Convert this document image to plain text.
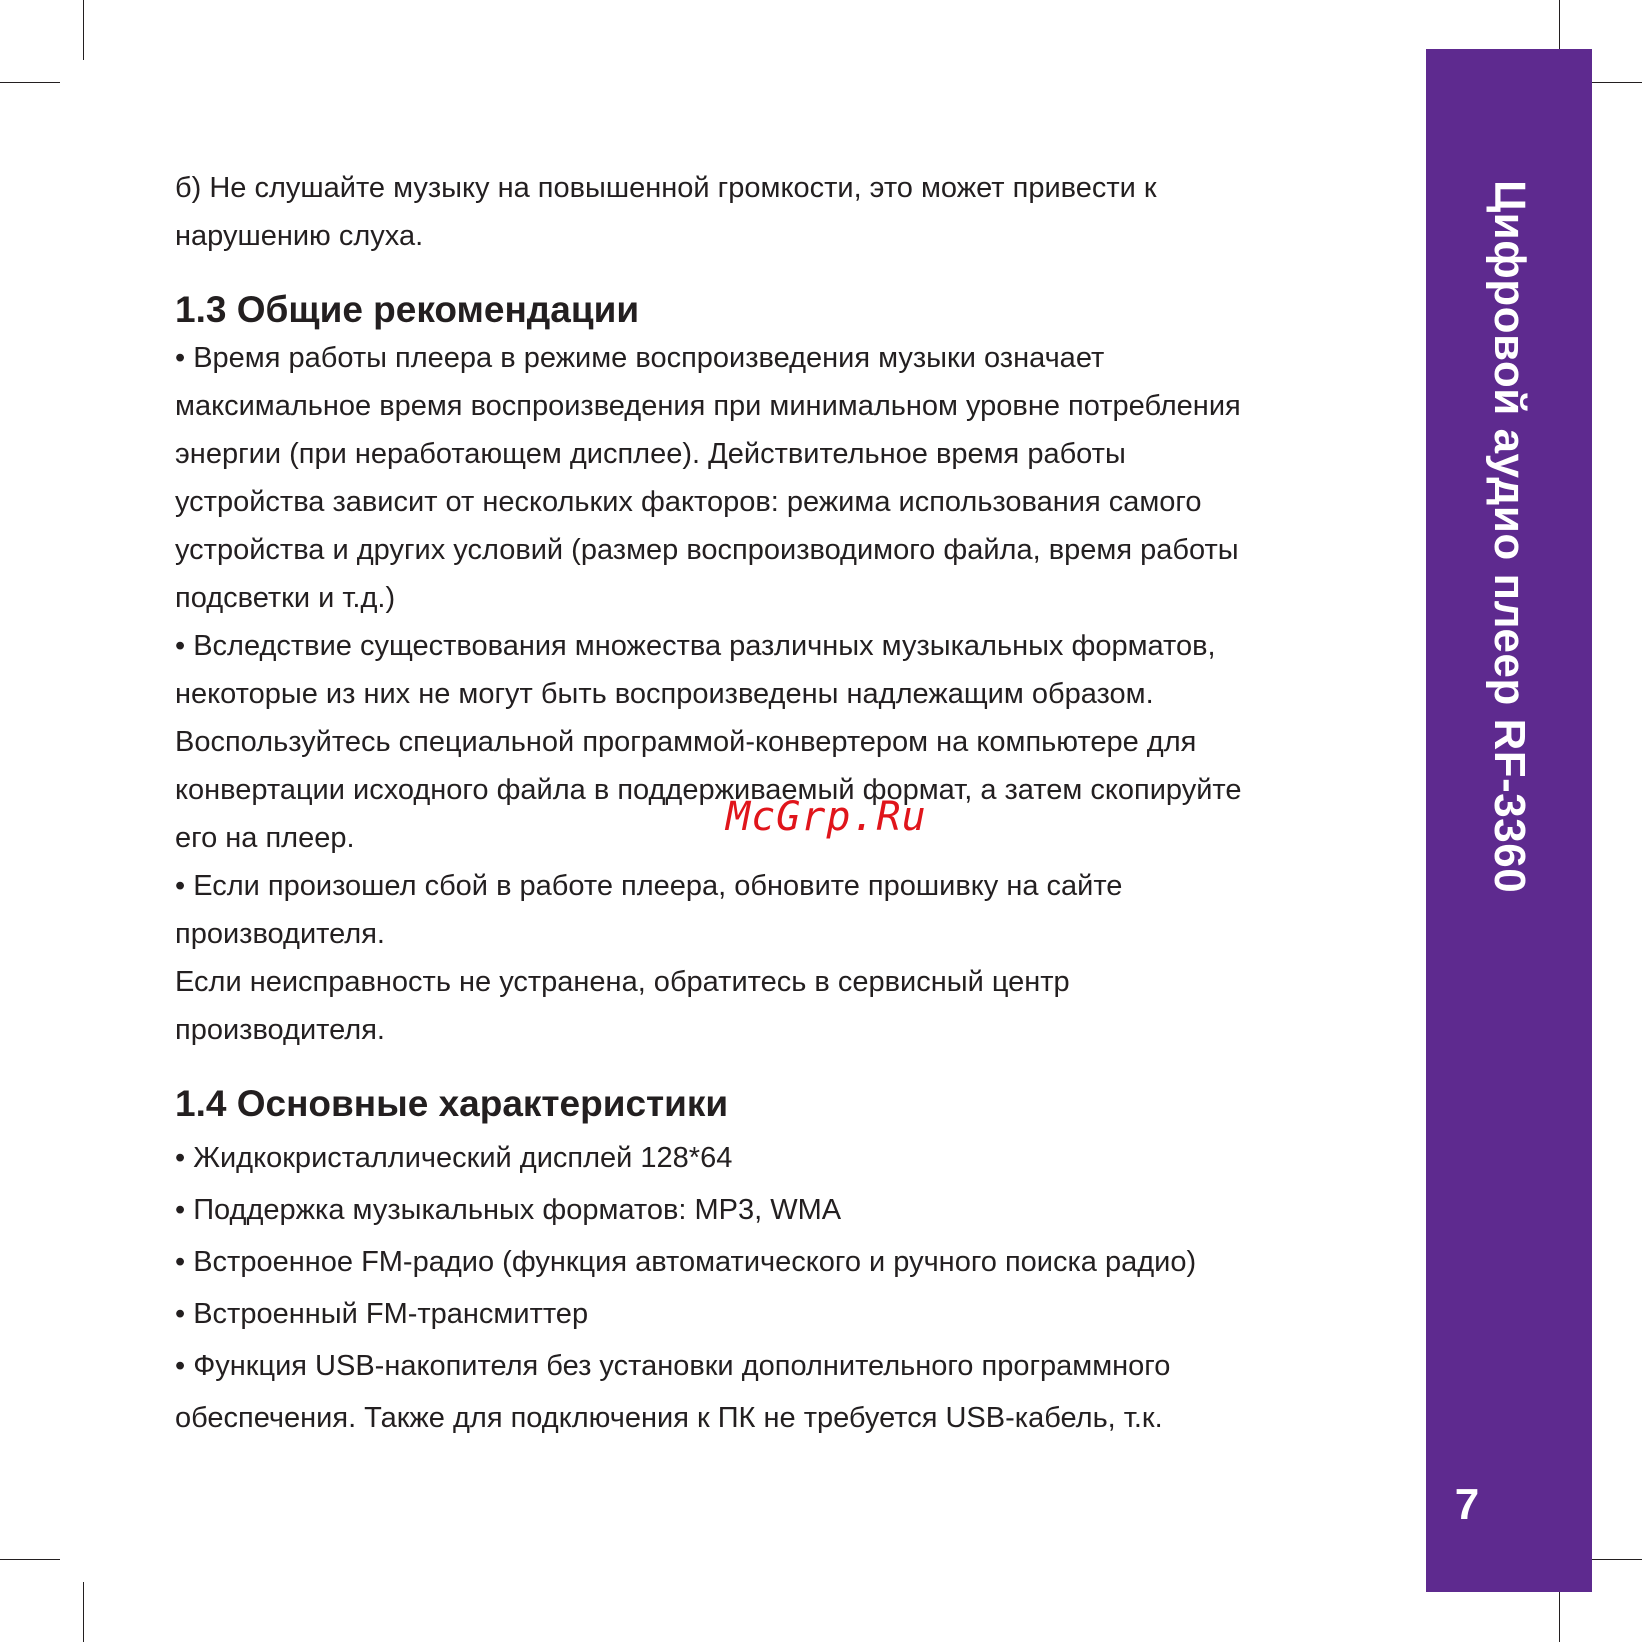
Цифровой аудио плеер RF-3360
7

б) Не слушайте музыку на повышенной громкости, это может привести к

нарушению слуха.

1.3 Общие рекомендации

• Время работы плеера в режиме воспроизведения музыки означает

максимальное время воспроизведения при минимальном уровне потребления

энергии (при неработающем дисплее). Действительное время работы

устройства зависит от нескольких факторов: режима использования самого

устройства и других условий (размер воспроизводимого файла, время работы

подсветки и т.д.)

• Вследствие существования множества различных музыкальных форматов,

некоторые из них не могут быть воспроизведены надлежащим образом.

Воспользуйтесь специальной программой-конвертером на компьютере для

конвертации исходного файла в поддерживаемый формат, а затем скопируйте

его на плеер.

• Если произошел сбой в работе плеера, обновите прошивку на сайте

производителя.

Если неисправность не устранена, обратитесь в сервисный центр

производителя.

1.4 Основные характеристики
• Жидкокристаллический дисплей 128*64
• Поддержка музыкальных форматов: MP3, WMA
• Встроенное FM-радио (функция автоматического и ручного поиска радио)
• Встроенный FM-трансмиттер
• Функция USB-накопителя без установки дополнительного программного
обеспечения. Также для подключения к ПК не требуется USB-кабель, т.к.
McGrp.Ru
